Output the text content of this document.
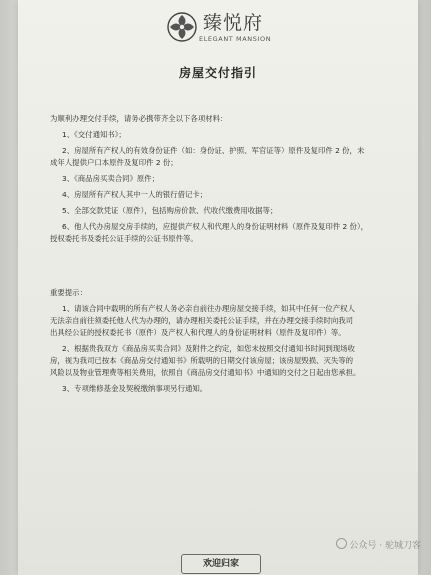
臻悦府
ELEGANT MANSION
房屋交付指引
为顺利办理交付手续，请务必携带齐全以下各项材料：
1、《交付通知书》；
2、房屋所有产权人的有效身份证件（如：身份证、护照、军官证等）原件及复印件 2 份，未
成年人提供户口本原件及复印件 2 份；
3、《商品房买卖合同》原件；
4、房屋所有产权人其中一人的银行借记卡；
5、全部交款凭证（原件），包括购房价款、代收代缴费用收据等；
6、他人代办房屋交房手续的，应提供产权人和代理人的身份证明材料（原件及复印件 2 份），
授权委托书及委托公证手续的公证书原件等。
重要提示：
1、请该合同中载明的所有产权人务必亲自前往办理房屋交接手续，如其中任何一位产权人
无法亲自前往须委托他人代为办理的，请办理相关委托公证手续，并在办理交接手续时向我司
出具经公证的授权委托书（原件）及产权人和代理人的身份证明材料（原件及复印件）等。
2、根据贵我双方《商品房买卖合同》及附件之约定，如您未按照交付通知书时间到现场收
房，视为我司已按本《商品房交付通知书》所载明的日期交付该房屋；该房屋毁损、灭失等的
风险以及物业管理费等相关费用，依照自《商品房交付通知书》中通知的交付之日起由您承担。
3、专项维修基金及契税缴纳事项另行通知。
欢迎归家
公众号 · 驼城刀客
